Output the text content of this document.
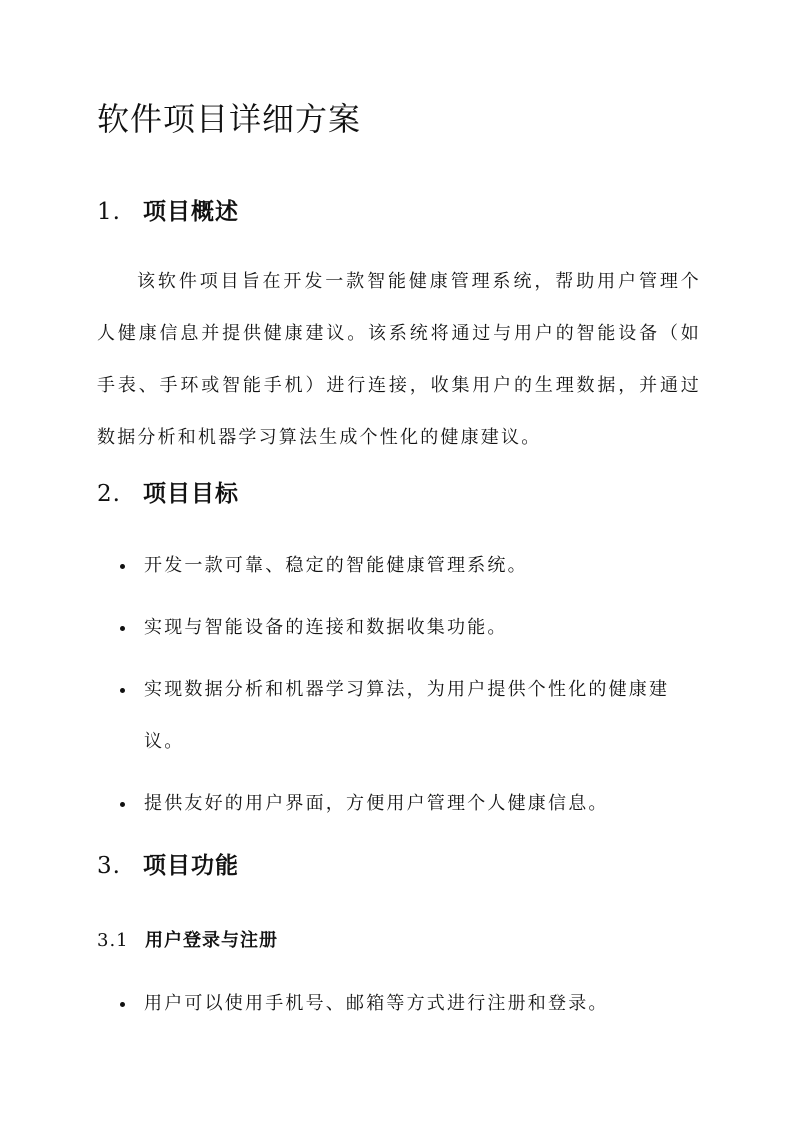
软件项目详细方案
1. 项目概述

该软件项目旨在开发一款智能健康管理系统，帮助用户管理个人健康信息并提供健康建议。该系统将通过与用户的智能设备（如手表、手环或智能手机）进行连接，收集用户的生理数据，并通过数据分析和机器学习算法生成个性化的健康建议。

2. 项目目标
开发一款可靠、稳定的智能健康管理系统。
实现与智能设备的连接和数据收集功能。
实现数据分析和机器学习算法，为用户提供个性化的健康建议。
提供友好的用户界面，方便用户管理个人健康信息。
3. 项目功能
3.1 用户登录与注册
用户可以使用手机号、邮箱等方式进行注册和登录。
